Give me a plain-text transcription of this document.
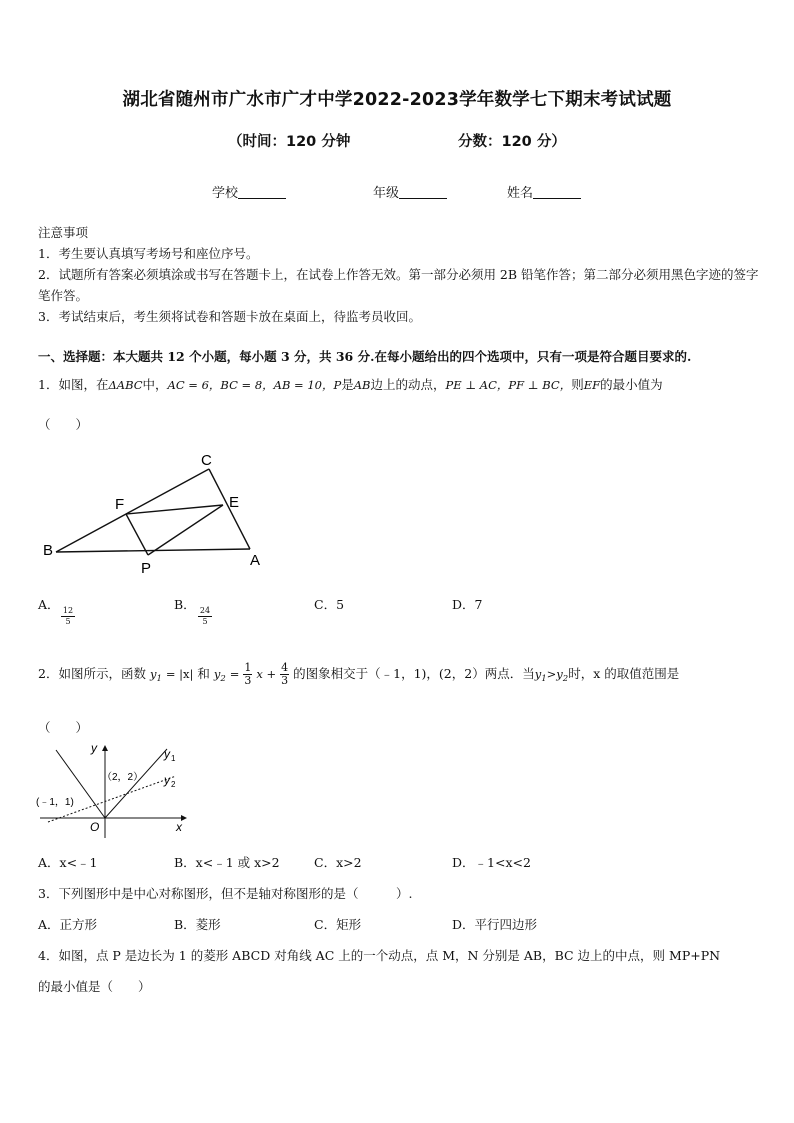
湖北省随州市广水市广才中学2022-2023学年数学七下期末考试试题
（时间：120 分钟	分数：120 分）
学校	年级	姓名

注意事项

1．考生要认真填写考场号和座位序号。

2．试题所有答案必须填涂或书写在答题卡上，在试卷上作答无效。第一部分必须用 2B 铅笔作答；第二部分必须用黑色字迹的签字笔作答。

3．考试结束后，考生须将试卷和答题卡放在桌面上，待监考员收回。

一、选择题：本大题共 12 个小题，每小题 3 分，共 36 分.在每小题给出的四个选项中，只有一项是符合题目要求的.
1．如图，在ΔABC中，AC = 6，BC = 8，AB = 10，P是AB边上的动点，PE ⊥ AC，PF ⊥ BC，则EF的最小值为
（　　）
C
F	E
B
A
P
A．
$\frac{12}{5}$
B．
$\frac{24}{5}$
C．5	D．7
2．如图所示，函数 $y_1 = |x|$ 和 $y_2 = \frac{1}{3}$ $x + \frac{4}{3}$ 的图象相交于（﹣1，1)，(2，2）两点．当$y_1>y_2$时，x 的取值范围是
（　　）
y
x
O
y 1
y 2
（2，2）
(﹣1，1)
A．x<﹣1	B．x<﹣1 或 x>2	C．x>2	D．﹣1<x<2
3．下列图形中是中心对称图形，但不是轴对称图形的是（　　　）.
A．正方形	B．菱形	C．矩形	D．平行四边形
4．如图，点 P 是边长为 1 的菱形 ABCD 对角线 AC 上的一个动点，点 M，N 分别是 AB，BC 边上的中点，则 MP+PN
的最小值是（　　）
